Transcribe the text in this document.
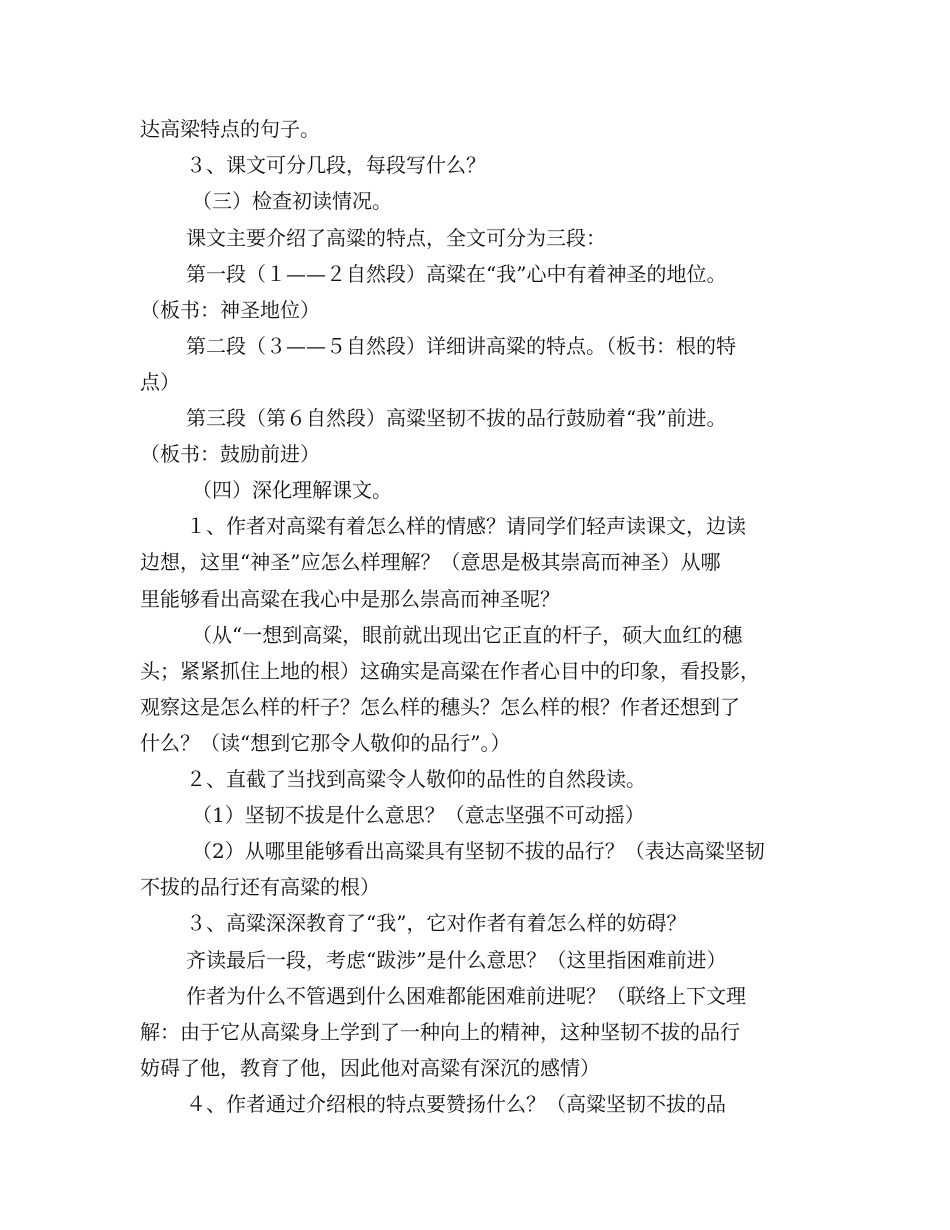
达高梁特点的句子。
３、课文可分几段，每段写什么？
（三）检查初读情况。
课文主要介绍了高粱的特点，全文可分为三段：
第一段（１——２自然段）高粱在“我”心中有着神圣的地位。
（板书：神圣地位）
第二段（３——５自然段）详细讲高粱的特点。（板书：根的特
点）
第三段（第６自然段）高粱坚韧不拔的品行鼓励着“我”前进。
（板书：鼓励前进）
（四）深化理解课文。
１、作者对高粱有着怎么样的情感？请同学们轻声读课文，边读
边想，这里“神圣”应怎么样理解？（意思是极其崇高而神圣）从哪
里能够看出高粱在我心中是那么崇高而神圣呢？
（从“一想到高粱，眼前就出现出它正直的杆子，硕大血红的穗
头；紧紧抓住上地的根）这确实是高粱在作者心目中的印象，看投影，
观察这是怎么样的杆子？怎么样的穗头？怎么样的根？作者还想到了
什么？（读“想到它那令人敬仰的品行”。）
２、直截了当找到高粱令人敬仰的品性的自然段读。
（1）坚韧不拔是什么意思？（意志坚强不可动摇）
（2）从哪里能够看出高粱具有坚韧不拔的品行？（表达高粱坚韧
不拔的品行还有高粱的根）
３、高粱深深教育了“我”，它对作者有着怎么样的妨碍？
齐读最后一段，考虑“跋涉”是什么意思？（这里指困难前进）
作者为什么不管遇到什么困难都能困难前进呢？（联络上下文理
解：由于它从高粱身上学到了一种向上的精神，这种坚韧不拔的品行
妨碍了他，教育了他，因此他对高粱有深沉的感情）
４、作者通过介绍根的特点要赞扬什么？（高粱坚韧不拔的品
